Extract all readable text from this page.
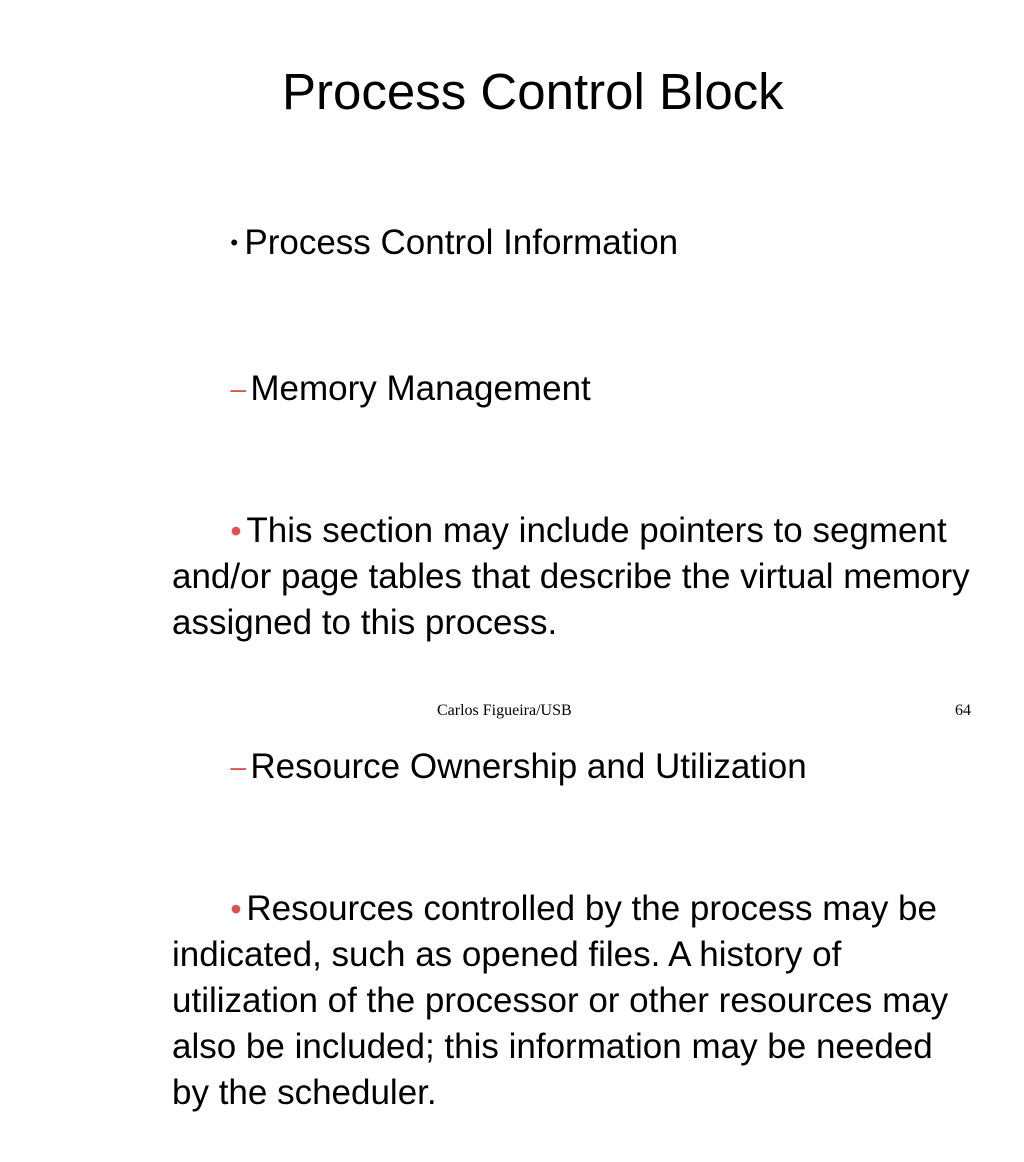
Process Control Block

• Process Control Information

– Memory Management

• This section may include pointers to segment and/or page tables that describe the virtual memory assigned to this process.

– Resource Ownership and Utilization

• Resources controlled by the process may be indicated, such as opened files. A history of utilization of the processor or other resources may also be included; this information may be needed by the scheduler.

Carlos Figueira/USB	64
